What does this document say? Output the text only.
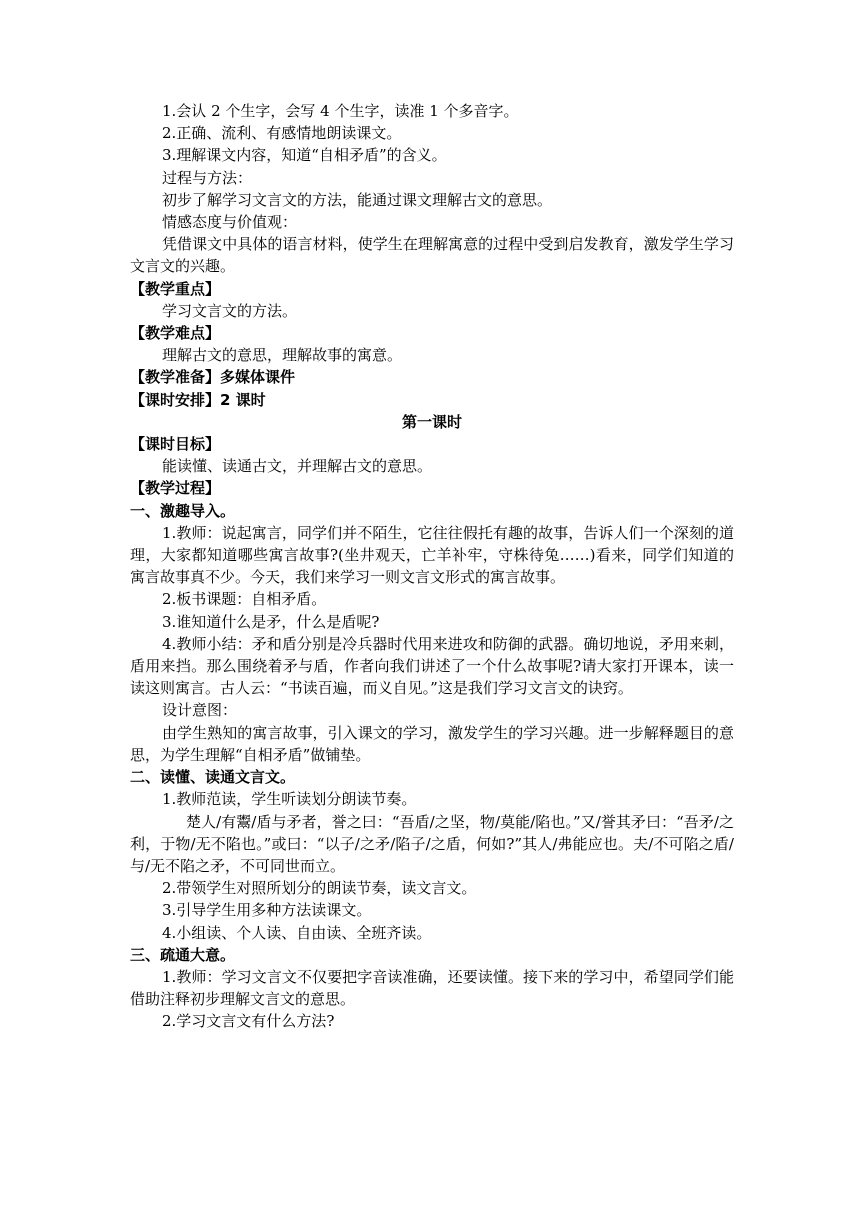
1.会认 2 个生字，会写 4 个生字，读准 1 个多音字。
2.正确、流利、有感情地朗读课文。
3.理解课文内容，知道“自相矛盾”的含义。
过程与方法：
初步了解学习文言文的方法，能通过课文理解古文的意思。
情感态度与价值观：
凭借课文中具体的语言材料，使学生在理解寓意的过程中受到启发教育，激发学生学习文言文的兴趣。
【教学重点】
学习文言文的方法。
【教学难点】
理解古文的意思，理解故事的寓意。
【教学准备】多媒体课件
【课时安排】2 课时
第一课时
【课时目标】
能读懂、读通古文，并理解古文的意思。
【教学过程】
一、激趣导入。
1.教师：说起寓言，同学们并不陌生，它往往假托有趣的故事，告诉人们一个深刻的道理，大家都知道哪些寓言故事?(坐井观天，亡羊补牢，守株待兔……)看来，同学们知道的寓言故事真不少。今天，我们来学习一则文言文形式的寓言故事。
2.板书课题：自相矛盾。
3.谁知道什么是矛，什么是盾呢?
4.教师小结：矛和盾分别是冷兵器时代用来进攻和防御的武器。确切地说，矛用来刺，盾用来挡。那么围绕着矛与盾，作者向我们讲述了一个什么故事呢?请大家打开课本，读一读这则寓言。古人云：“书读百遍，而义自见。”这是我们学习文言文的诀窍。
设计意图：
由学生熟知的寓言故事，引入课文的学习，激发学生的学习兴趣。进一步解释题目的意思，为学生理解“自相矛盾”做铺垫。
二、读懂、读通文言文。
1.教师范读，学生听读划分朗读节奏。
楚人/有鬻/盾与矛者，誉之曰：“吾盾/之坚，物/莫能/陷也。”又/誉其矛曰：“吾矛/之利，于物/无不陷也。”或曰：“以子/之矛/陷子/之盾，何如?”其人/弗能应也。夫/不可陷之盾/与/无不陷之矛，不可同世而立。
2.带领学生对照所划分的朗读节奏，读文言文。
3.引导学生用多种方法读课文。
4.小组读、个人读、自由读、全班齐读。
三、疏通大意。
1.教师：学习文言文不仅要把字音读准确，还要读懂。接下来的学习中，希望同学们能借助注释初步理解文言文的意思。
2.学习文言文有什么方法?
